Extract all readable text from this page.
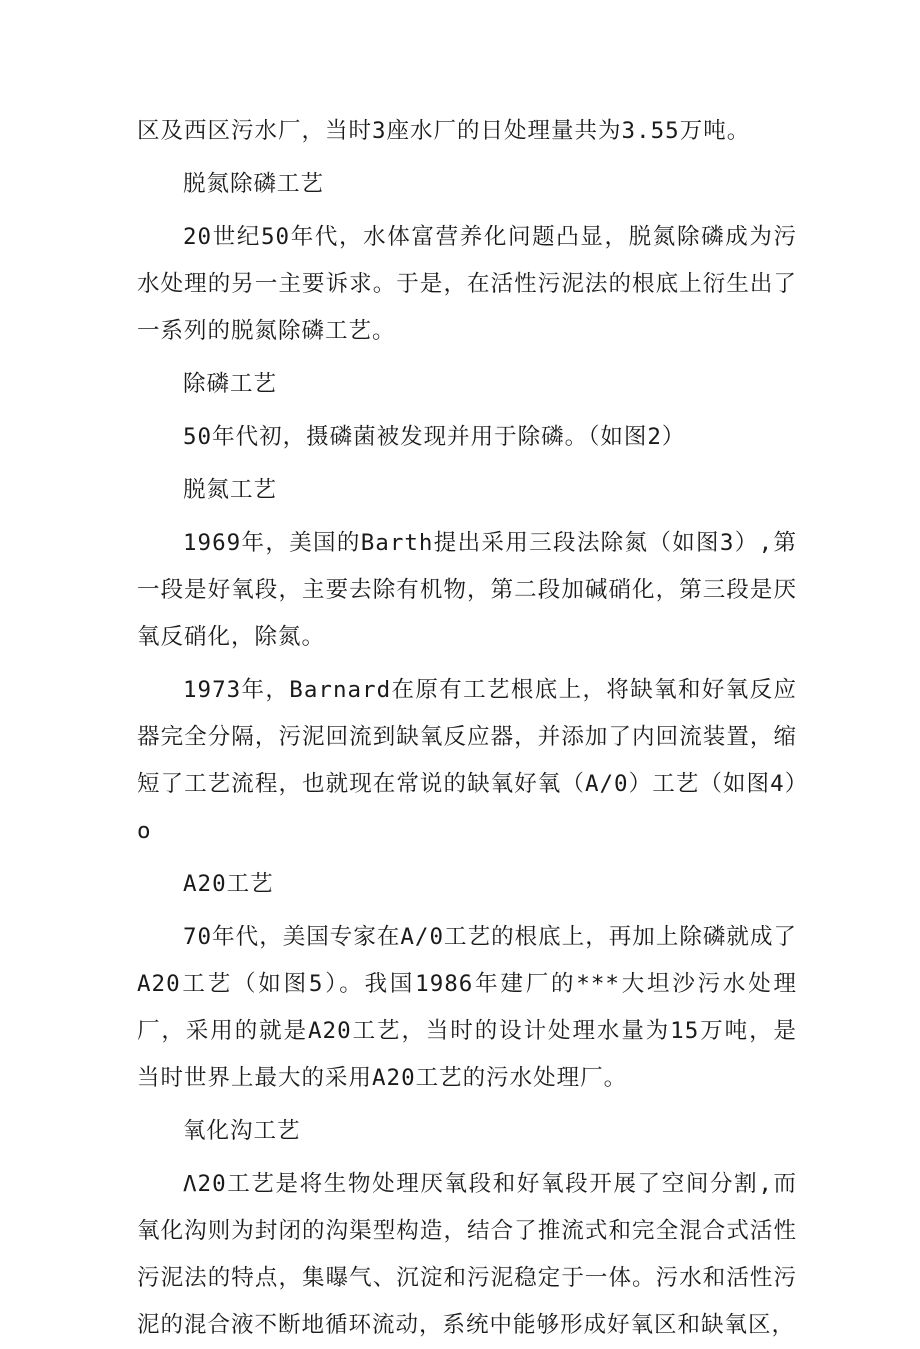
区及西区污水厂，当时3座水厂的日处理量共为3.55万吨。

脱氮除磷工艺

20世纪50年代，水体富营养化问题凸显，脱氮除磷成为污水处理的另一主要诉求。于是，在活性污泥法的根底上衍生出了一系列的脱氮除磷工艺。

除磷工艺

50年代初，摄磷菌被发现并用于除磷。（如图2）

脱氮工艺

1969年，美国的Barth提出采用三段法除氮（如图3）,第一段是好氧段，主要去除有机物，第二段加碱硝化，第三段是厌氧反硝化，除氮。

1973年，Barnard在原有工艺根底上，将缺氧和好氧反应器完全分隔，污泥回流到缺氧反应器，并添加了内回流装置，缩短了工艺流程，也就现在常说的缺氧好氧（A/0）工艺（如图4）o

A20工艺

70年代，美国专家在A/0工艺的根底上，再加上除磷就成了A20工艺（如图5）。我国1986年建厂的***大坦沙污水处理厂，采用的就是A20工艺，当时的设计处理水量为15万吨，是当时世界上最大的采用A20工艺的污水处理厂。

氧化沟工艺

Λ20工艺是将生物处理厌氧段和好氧段开展了空间分割,而氧化沟则为封闭的沟渠型构造，结合了推流式和完全混合式活性污泥法的特点，集曝气、沉淀和污泥稳定于一体。污水和活性污泥的混合液不断地循环流动，系统中能够形成好氧区和缺氧区，
